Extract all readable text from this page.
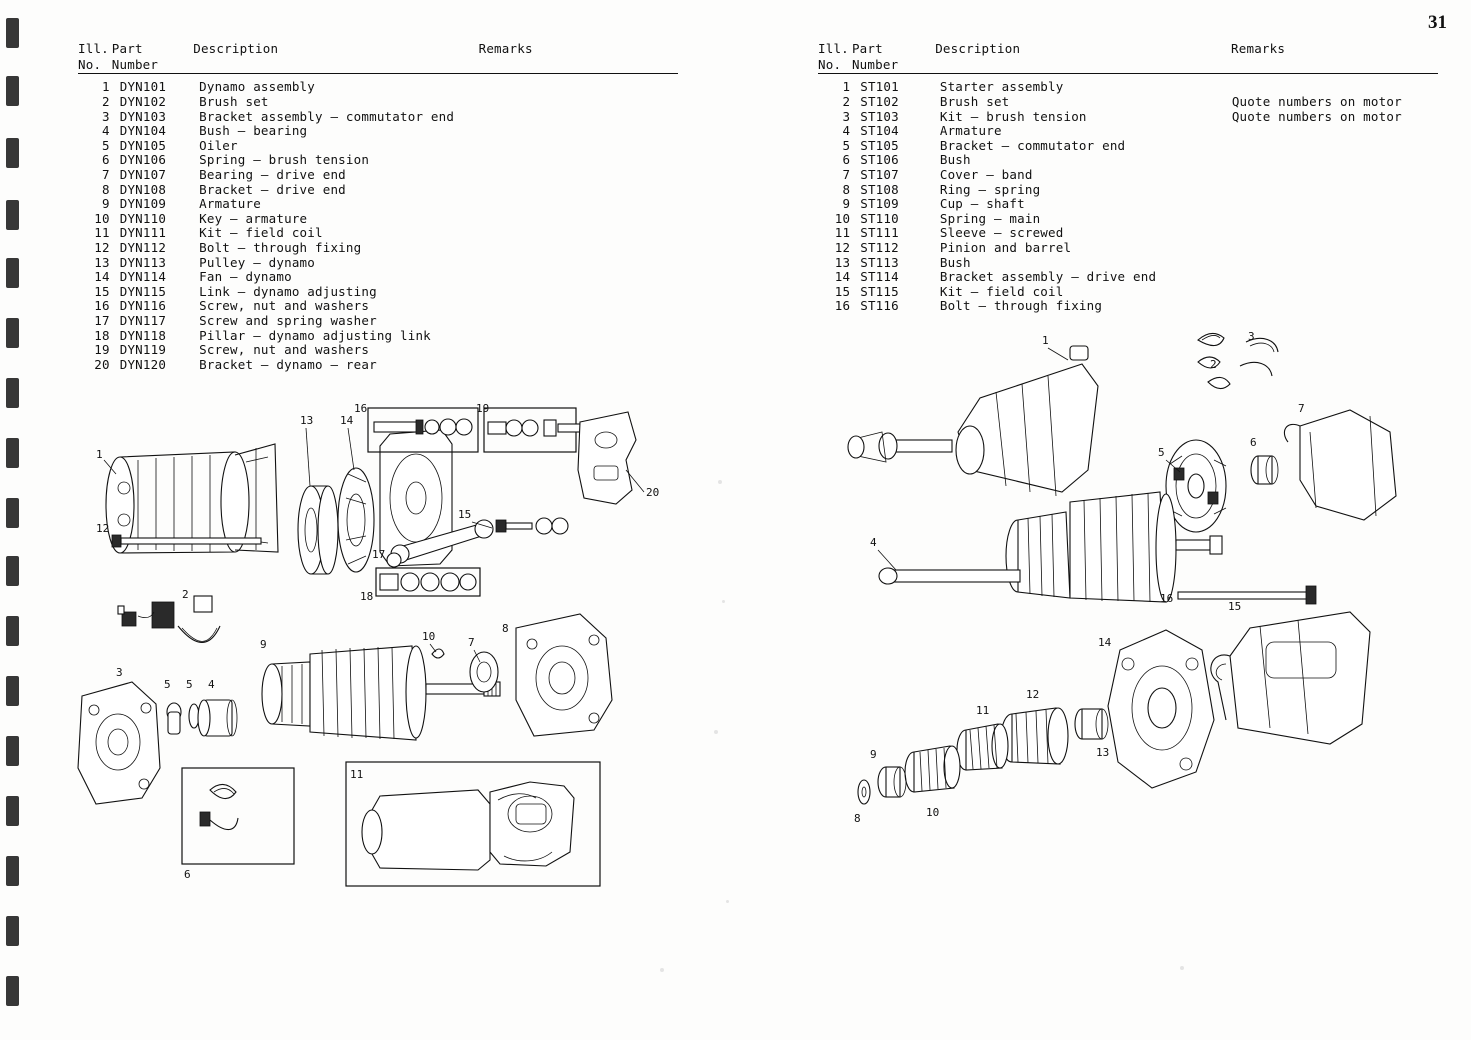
31
Ill.	Part	Description	Remarks
No.	Number		
1	DYN101	Dynamo assembly	
2	DYN102	Brush set	
3	DYN103	Bracket assembly – commutator end	
4	DYN104	Bush – bearing	
5	DYN105	Oiler	
6	DYN106	Spring – brush tension	
7	DYN107	Bearing – drive end	
8	DYN108	Bracket – drive end	
9	DYN109	Armature	
10	DYN110	Key – armature	
11	DYN111	Kit – field coil	
12	DYN112	Bolt – through fixing	
13	DYN113	Pulley – dynamo	
14	DYN114	Fan – dynamo	
15	DYN115	Link – dynamo adjusting	
16	DYN116	Screw, nut and washers	
17	DYN117	Screw and spring washer	
18	DYN118	Pillar – dynamo adjusting link	
19	DYN119	Screw, nut and washers	
20	DYN120	Bracket – dynamo – rear	
Ill.	Part	Description	Remarks
No.	Number		
1	ST101	Starter assembly	
2	ST102	Brush set	Quote numbers on motor
3	ST103	Kit – brush tension	Quote numbers on motor
4	ST104	Armature	
5	ST105	Bracket – commutator end	
6	ST106	Bush	
7	ST107	Cover – band	
8	ST108	Ring – spring	
9	ST109	Cup – shaft	
10	ST110	Spring – main	
11	ST111	Sleeve – screwed	
12	ST112	Pinion and barrel	
13	ST113	Bush	
14	ST114	Bracket assembly – drive end	
15	ST115	Kit – field coil	
16	ST116	Bolt – through fixing	
1
13 14
16	19
20
12
15
17
18
2
9
10	7
8
3
5 5 4
6
11
1
2
3
7
6
5
4
16
15
14
13
12
11
10
9
8
